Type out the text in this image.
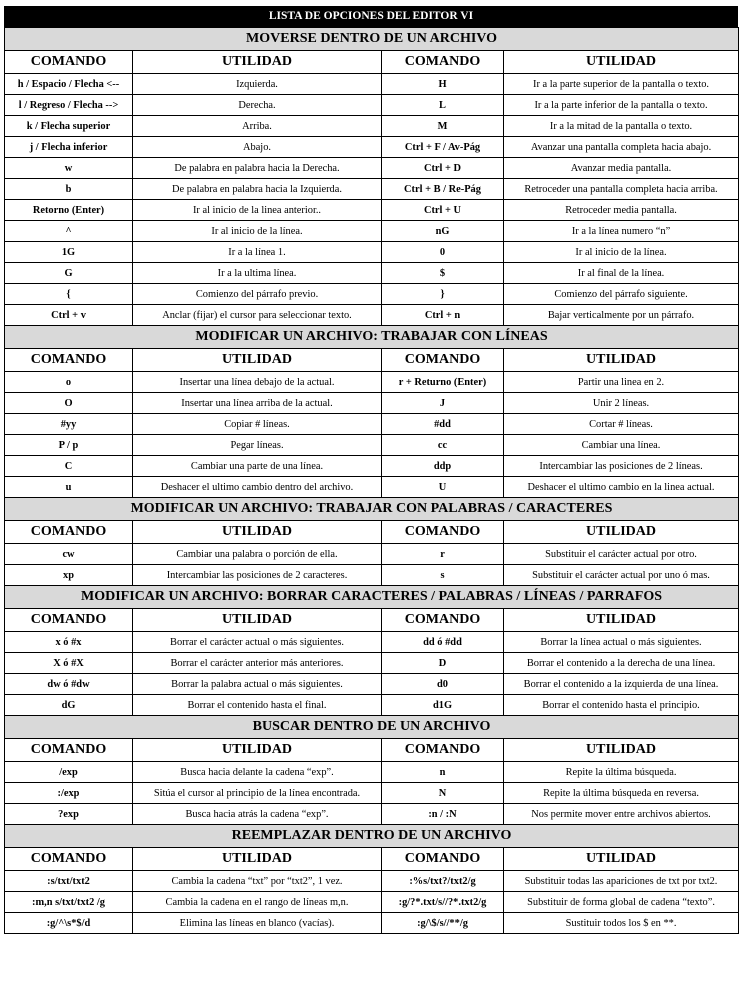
LISTA DE OPCIONES DEL EDITOR VI
MOVERSE DENTRO DE UN ARCHIVO			
COMANDO	UTILIDAD	COMANDO	UTILIDAD
h / Espacio / Flecha <--	Izquierda.	H	Ir a la parte superior de la pantalla o texto.
l / Regreso / Flecha -->	Derecha.	L	Ir a la parte inferior de la pantalla o texto.
k / Flecha superior	Arriba.	M	Ir a la mitad de la pantalla o texto.
j / Flecha inferior	Abajo.	Ctrl + F / Av-Pág	Avanzar una pantalla completa hacia abajo.
w	De palabra en palabra hacia la Derecha.	Ctrl + D	Avanzar media pantalla.
b	De palabra en palabra hacia la Izquierda.	Ctrl + B / Re-Pág	Retroceder una pantalla completa hacia arriba.
Retorno (Enter)	Ir al inicio de la linea anterior..	Ctrl + U	Retroceder media pantalla.
^	Ir al inicio de la línea.	nG	Ir a la línea numero “n”
1G	Ir a la línea 1.	0	Ir al inicio de la línea.
G	Ir a la ultima línea.	$	Ir al final de la línea.
{	Comienzo del párrafo previo.	}	Comienzo del párrafo siguiente.
Ctrl + v	Anclar (fijar) el cursor para seleccionar texto.	Ctrl + n	Bajar verticalmente por un párrafo.
MODIFICAR UN ARCHIVO: TRABAJAR CON LÍNEAS			
COMANDO	UTILIDAD	COMANDO	UTILIDAD
o	Insertar una línea debajo de la actual.	r + Returno (Enter)	Partir una linea en 2.
O	Insertar una línea arriba de la actual.	J	Unir 2 líneas.
#yy	Copiar # líneas.	#dd	Cortar # líneas.
P / p	Pegar líneas.	cc	Cambiar una línea.
C	Cambiar una parte de una línea.	ddp	Intercambiar las posiciones de 2 líneas.
u	Deshacer el ultimo cambio dentro del archivo.	U	Deshacer el ultimo cambio en la linea actual.
MODIFICAR UN ARCHIVO: TRABAJAR CON PALABRAS / CARACTERES			
COMANDO	UTILIDAD	COMANDO	UTILIDAD
cw	Cambiar una palabra o porción de ella.	r	Substituir el carácter actual por otro.
xp	Intercambiar las posiciones de 2 caracteres.	s	Substituir el carácter actual por uno ó mas.
MODIFICAR UN ARCHIVO: BORRAR CARACTERES / PALABRAS / LÍNEAS / PARRAFOS			
COMANDO	UTILIDAD	COMANDO	UTILIDAD
x ó #x	Borrar el carácter actual o más siguientes.	dd ó #dd	Borrar la línea actual o más siguientes.
X ó #X	Borrar el carácter anterior más anteriores.	D	Borrar el contenido a la derecha de una línea.
dw ó #dw	Borrar la palabra actual o más siguientes.	d0	Borrar el contenido a la izquierda de una línea.
dG	Borrar el contenido hasta el final.	d1G	Borrar el contenido hasta el principio.
BUSCAR DENTRO DE UN ARCHIVO			
COMANDO	UTILIDAD	COMANDO	UTILIDAD
/exp	Busca hacia delante la cadena “exp”.	n	Repite la última búsqueda.
:/exp	Sitúa el cursor al principio de la línea encontrada.	N	Repite la última búsqueda en reversa.
?exp	Busca hacia atrás la cadena “exp”.	:n / :N	Nos permite mover entre archivos abiertos.
REEMPLAZAR DENTRO DE UN ARCHIVO			
COMANDO	UTILIDAD	COMANDO	UTILIDAD
:s/txt/txt2	Cambia la cadena “txt” por “txt2”, 1 vez.	:%s/txt?/txt2/g	Substituir todas las apariciones de txt por txt2.
:m,n s/txt/txt2 /g	Cambia la cadena en el rango de líneas m,n.	:g/?*.txt/s//?*.txt2/g	Substituir de forma global de cadena “texto”.
:g/^\s*$/d	Elimina las líneas en blanco (vacías).	:g/\$/s//**/g	Sustituir todos los $ en **.
